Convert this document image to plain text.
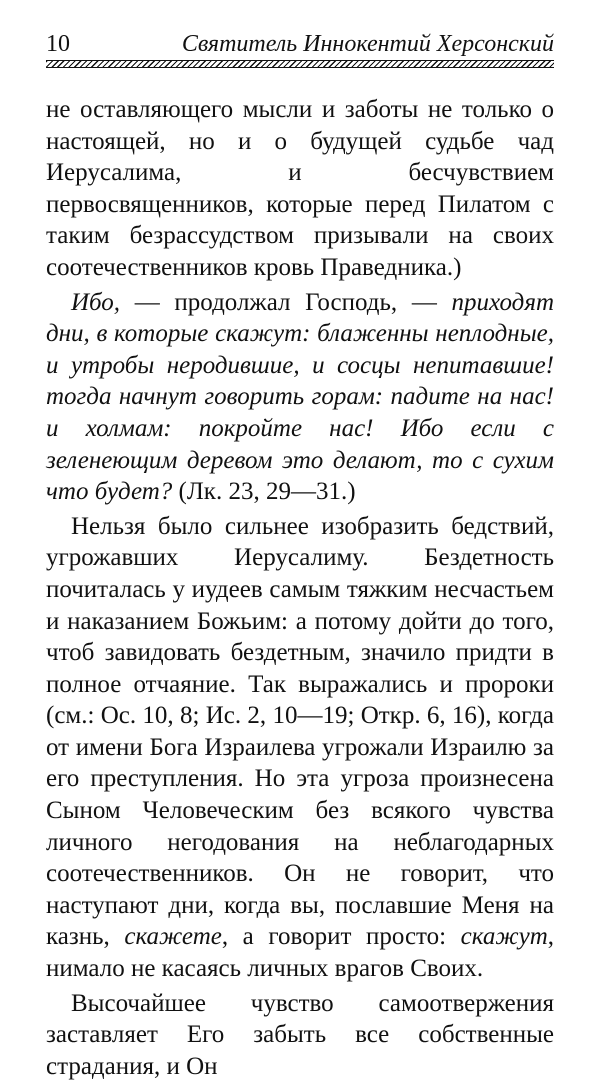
10	Святитель Иннокентий Херсонский

не оставляющего мысли и заботы не только о настоящей, но и о будущей судьбе чад Иерусалима, и бесчувствием первосвященников, которые перед Пилатом с таким безрассудством призывали на своих соотечественников кровь Праведника.)

Ибо, — продолжал Господь, — приходят дни, в которые скажут: блаженны неплодные, и утробы неродившие, и сосцы непитавшие! тогда начнут говорить горам: падите на нас! и холмам: покройте нас! Ибо если с зеленеющим деревом это делают, то с сухим что будет? (Лк. 23, 29—31.)

Нельзя было сильнее изобразить бедствий, угрожавших Иерусалиму. Бездетность почиталась у иудеев самым тяжким несчастьем и наказанием Божьим: а потому дойти до того, чтоб завидовать бездетным, значило придти в полное отчаяние. Так выражались и пророки (см.: Ос. 10, 8; Ис. 2, 10—19; Откр. 6, 16), когда от имени Бога Израилева угрожали Израилю за его преступления. Но эта угроза произнесена Сыном Человеческим без всякого чувства личного негодования на неблагодарных соотечественников. Он не говорит, что наступают дни, когда вы, пославшие Меня на казнь, скажете, а говорит просто: скажут, нимало не касаясь личных врагов Своих.

Высочайшее чувство самоотвержения заставляет Его забыть все собственные страдания, и Он
